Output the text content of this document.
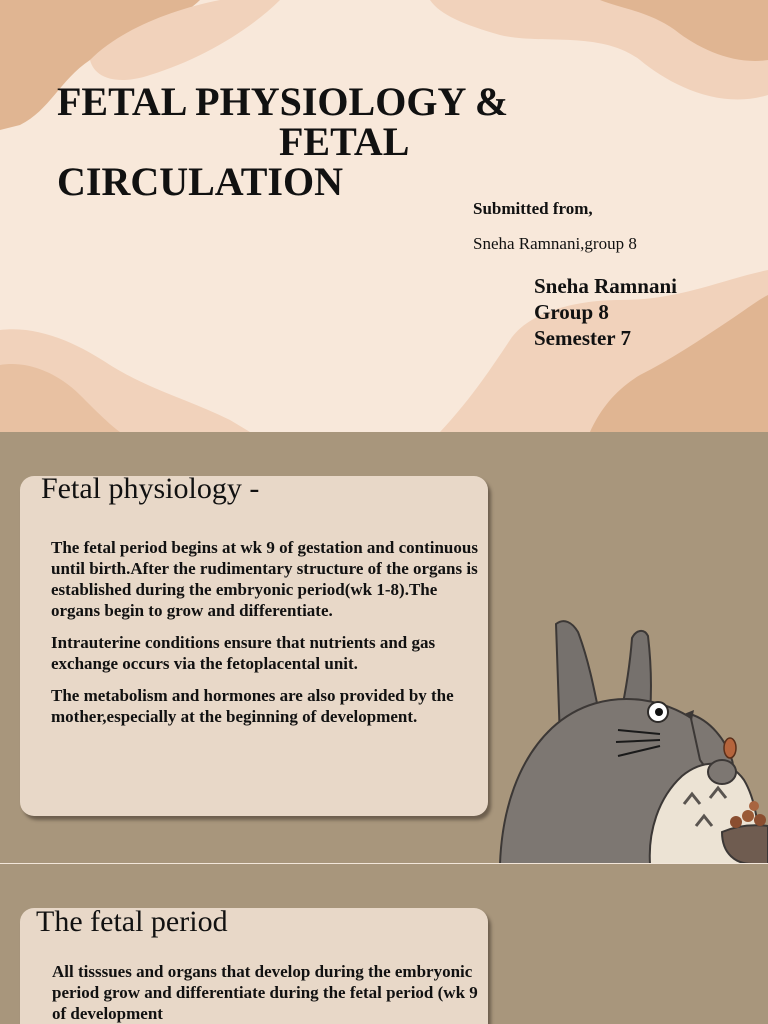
FETAL PHYSIOLOGY &
FETAL
CIRCULATION

Submitted from,

Sneha Ramnani,group 8

Sneha Ramnani
Group 8
Semester 7
Fetal physiology -

The fetal period begins at wk 9 of gestation and continuous until birth.After the rudimentary structure of the organs is established during the embryonic period(wk 1-8).The organs begin to grow and differentiate.

Intrauterine conditions ensure that nutrients and gas exchange occurs via the fetoplacental unit.

The metabolism and hormones are also provided by the mother,especially at the beginning of development.

The fetal period

All tisssues and organs that develop during the embryonic period grow and differentiate during the fetal period (wk 9 of development
